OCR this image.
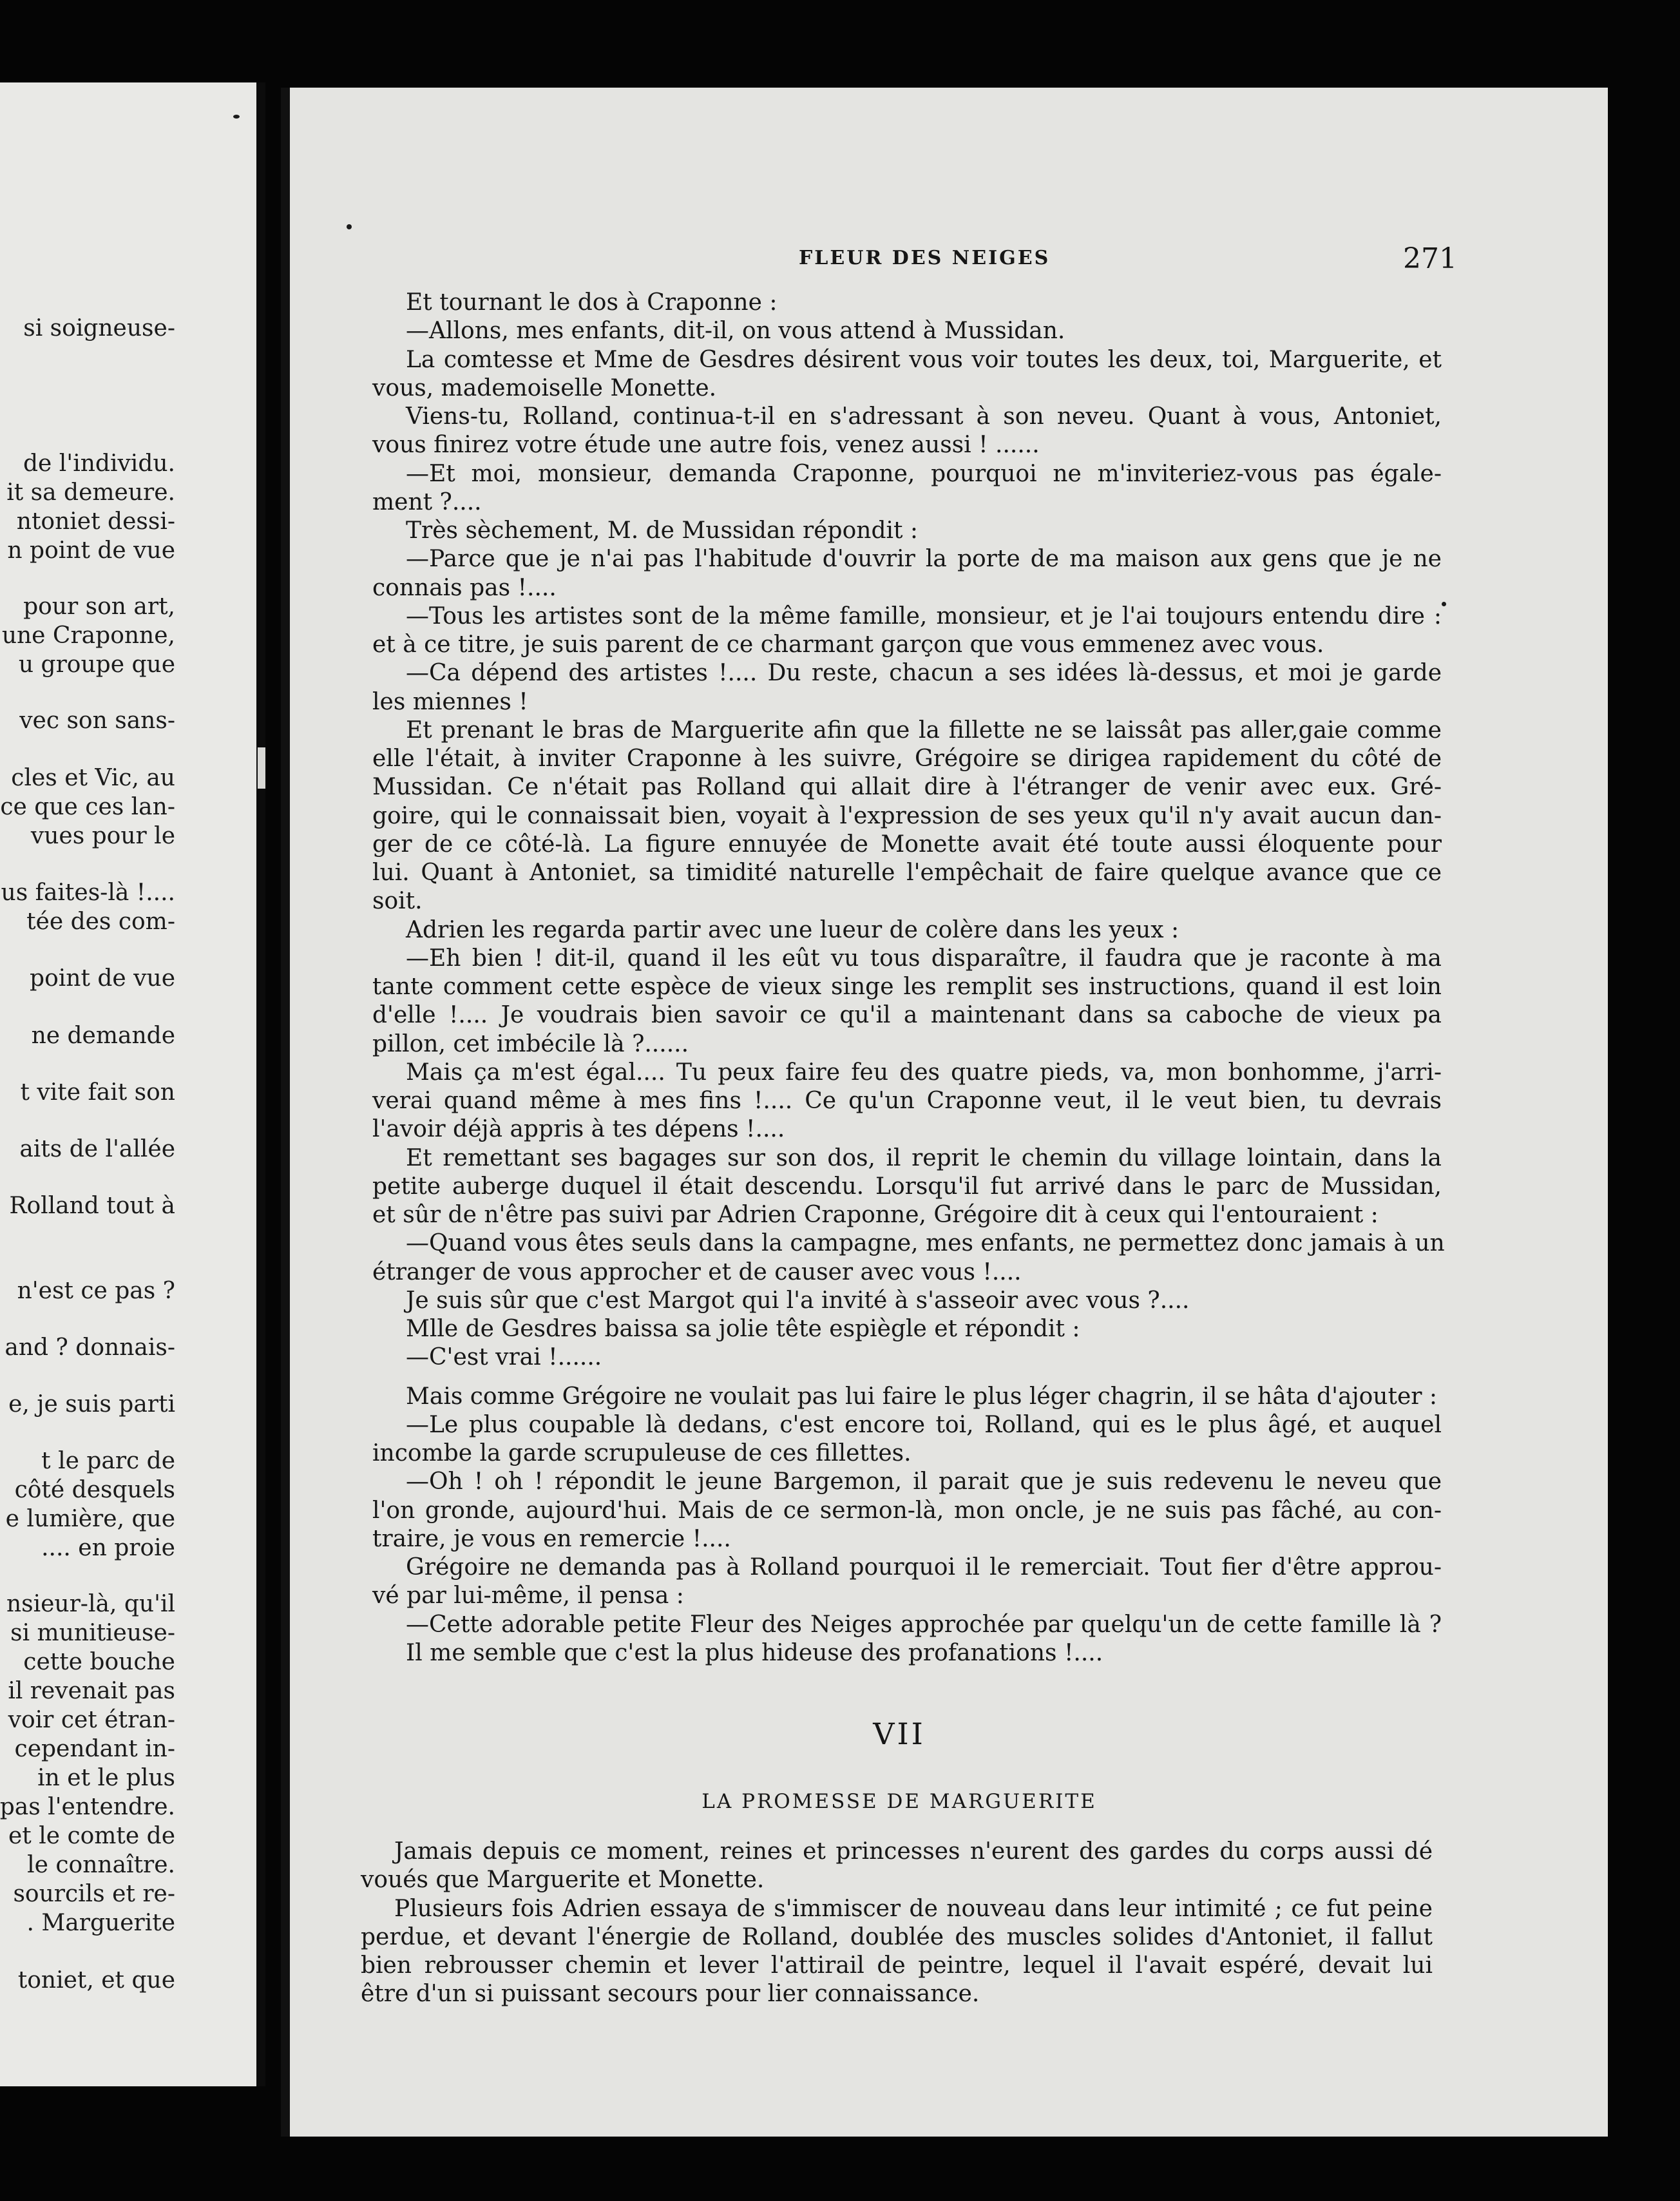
si soigneuse-
de l'individu.
it sa demeure.
ntoniet dessi-
n point de vue
pour son art,
une Craponne,
u groupe que
vec son sans-
cles et Vic, au
ce que ces lan-
vues pour le
us faites-là !....
tée des com-
point de vue
ne demande
t vite fait son
aits de l'allée
Rolland tout à
n'est ce pas ?
and ? donnais-
e, je suis parti
t le parc de
côté desquels
e lumière, que
.... en proie
nsieur-là, qu'il
si munitieuse-
cette bouche
il revenait pas
voir cet étran-
cependant in-
in et le plus
pas l'entendre.
et le comte de
le connaître.
sourcils et re-
. Marguerite
toniet, et que
FLEUR DES NEIGES	271
Et tournant le dos à Craponne :
—Allons, mes enfants, dit-il, on vous attend à Mussidan.
La comtesse et Mme de Gesdres désirent vous voir toutes les deux, toi, Marguerite, et
vous, mademoiselle Monette.
Viens-tu, Rolland, continua-t-il en s'adressant à son neveu. Quant à vous, Antoniet,
vous finirez votre étude une autre fois, venez aussi ! ......
—Et moi, monsieur, demanda Craponne, pourquoi ne m'inviteriez-vous pas égale-
ment ?....
Très sèchement, M. de Mussidan répondit :
—Parce que je n'ai pas l'habitude d'ouvrir la porte de ma maison aux gens que je ne
connais pas !....
—Tous les artistes sont de la même famille, monsieur, et je l'ai toujours entendu dire :
et à ce titre, je suis parent de ce charmant garçon que vous emmenez avec vous.
—Ca dépend des artistes !.... Du reste, chacun a ses idées là-dessus, et moi je garde
les miennes !
Et prenant le bras de Marguerite afin que la fillette ne se laissât pas aller,gaie comme
elle l'était, à inviter Craponne à les suivre, Grégoire se dirigea rapidement du côté de
Mussidan. Ce n'était pas Rolland qui allait dire à l'étranger de venir avec eux. Gré-
goire, qui le connaissait bien, voyait à l'expression de ses yeux qu'il n'y avait aucun dan-
ger de ce côté-là. La figure ennuyée de Monette avait été toute aussi éloquente pour
lui. Quant à Antoniet, sa timidité naturelle l'empêchait de faire quelque avance que ce
soit.
Adrien les regarda partir avec une lueur de colère dans les yeux :
—Eh bien ! dit-il, quand il les eût vu tous disparaître, il faudra que je raconte à ma
tante comment cette espèce de vieux singe les remplit ses instructions, quand il est loin
d'elle !.... Je voudrais bien savoir ce qu'il a maintenant dans sa caboche de vieux pa
pillon, cet imbécile là ?......
Mais ça m'est égal.... Tu peux faire feu des quatre pieds, va, mon bonhomme, j'arri-
verai quand même à mes fins !.... Ce qu'un Craponne veut, il le veut bien, tu devrais
l'avoir déjà appris à tes dépens !....
Et remettant ses bagages sur son dos, il reprit le chemin du village lointain, dans la
petite auberge duquel il était descendu. Lorsqu'il fut arrivé dans le parc de Mussidan,
et sûr de n'être pas suivi par Adrien Craponne, Grégoire dit à ceux qui l'entouraient :
—Quand vous êtes seuls dans la campagne, mes enfants, ne permettez donc jamais à un
étranger de vous approcher et de causer avec vous !....
Je suis sûr que c'est Margot qui l'a invité à s'asseoir avec vous ?....
Mlle de Gesdres baissa sa jolie tête espiègle et répondit :
—C'est vrai !......
Mais comme Grégoire ne voulait pas lui faire le plus léger chagrin, il se hâta d'ajouter :
—Le plus coupable là dedans, c'est encore toi, Rolland, qui es le plus âgé, et auquel
incombe la garde scrupuleuse de ces fillettes.
—Oh ! oh ! répondit le jeune Bargemon, il parait que je suis redevenu le neveu que
l'on gronde, aujourd'hui. Mais de ce sermon-là, mon oncle, je ne suis pas fâché, au con-
traire, je vous en remercie !....
Grégoire ne demanda pas à Rolland pourquoi il le remerciait. Tout fier d'être approu-
vé par lui-même, il pensa :
—Cette adorable petite Fleur des Neiges approchée par quelqu'un de cette famille là ?
Il me semble que c'est la plus hideuse des profanations !....
VII
LA PROMESSE DE MARGUERITE
Jamais depuis ce moment, reines et princesses n'eurent des gardes du corps aussi dé
voués que Marguerite et Monette.
Plusieurs fois Adrien essaya de s'immiscer de nouveau dans leur intimité ; ce fut peine
perdue, et devant l'énergie de Rolland, doublée des muscles solides d'Antoniet, il fallut
bien rebrousser chemin et lever l'attirail de peintre, lequel il l'avait espéré, devait lui
être d'un si puissant secours pour lier connaissance.
